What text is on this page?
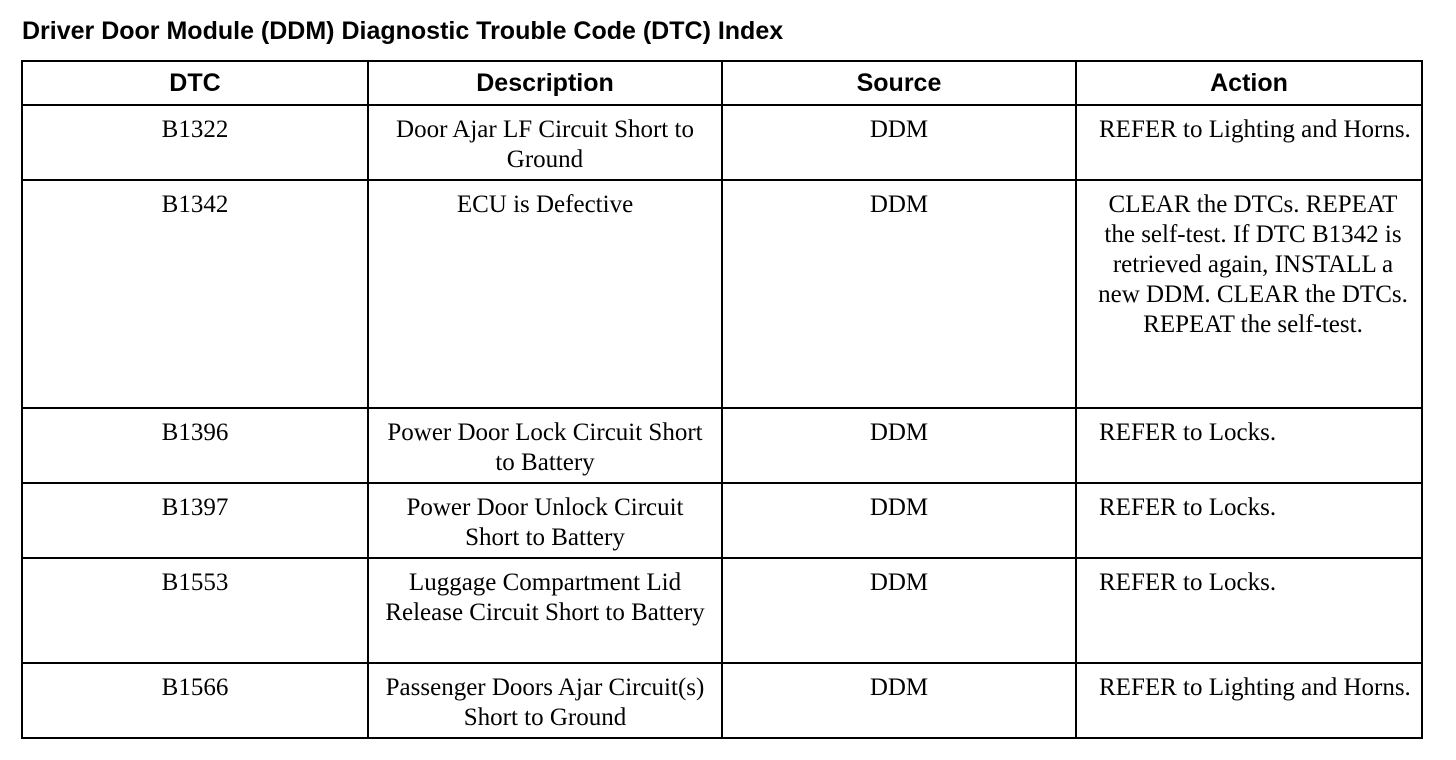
Driver Door Module (DDM) Diagnostic Trouble Code (DTC) Index
DTC	Description	Source	Action

B1322	Door Ajar LF Circuit Short to Ground	DDM	REFER to Lighting and Horns.

B1342	ECU is Defective	DDM	CLEAR the DTCs. REPEAT the self-test. If DTC B1342 is retrieved again, INSTALL a new DDM. CLEAR the DTCs. REPEAT the self-test.

B1396	Power Door Lock Circuit Short to Battery	DDM	REFER to Locks.

B1397	Power Door Unlock Circuit Short to Battery	DDM	REFER to Locks.

B1553	Luggage Compartment Lid Release Circuit Short to Battery	DDM	REFER to Locks.

B1566	Passenger Doors Ajar Circuit(s) Short to Ground	DDM	REFER to Lighting and Horns.
